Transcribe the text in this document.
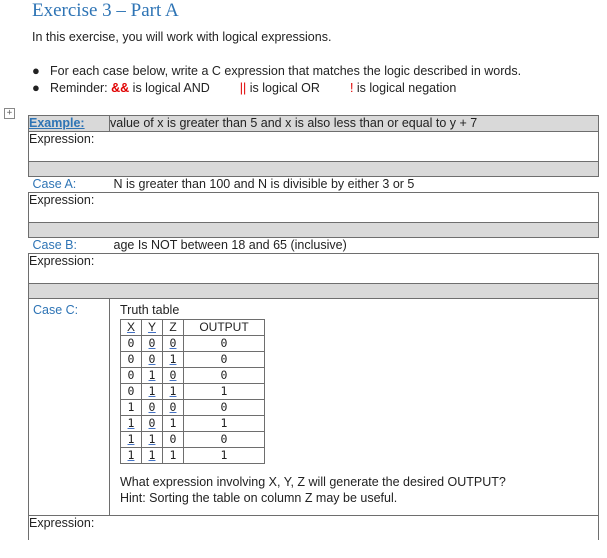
Exercise 3 – Part A
In this exercise, you will work with logical expressions.
● For each case below, write a C expression that matches the logic described in words.
● Reminder: && is logical AND || is logical OR ! is logical negation
+
Example:	value of x is greater than 5 and x is also less than or equal to y + 7
Expression:

Case A:	N is greater than 100 and N is divisible by either 3 or 5
Expression:

Case B:	age Is NOT between 18 and 65 (inclusive)
Expression:

Case C:	Truth table
X	Y	Z	OUTPUT
0	0	0	0
0	0	1	0
0	1	0	0
0	1	1	1
1	0	0	0
1	0	1	1
1	1	0	0
1	1	1	1
What expression involving X, Y, Z will generate the desired OUTPUT?
Hint: Sorting the table on column Z may be useful.

Expression:
